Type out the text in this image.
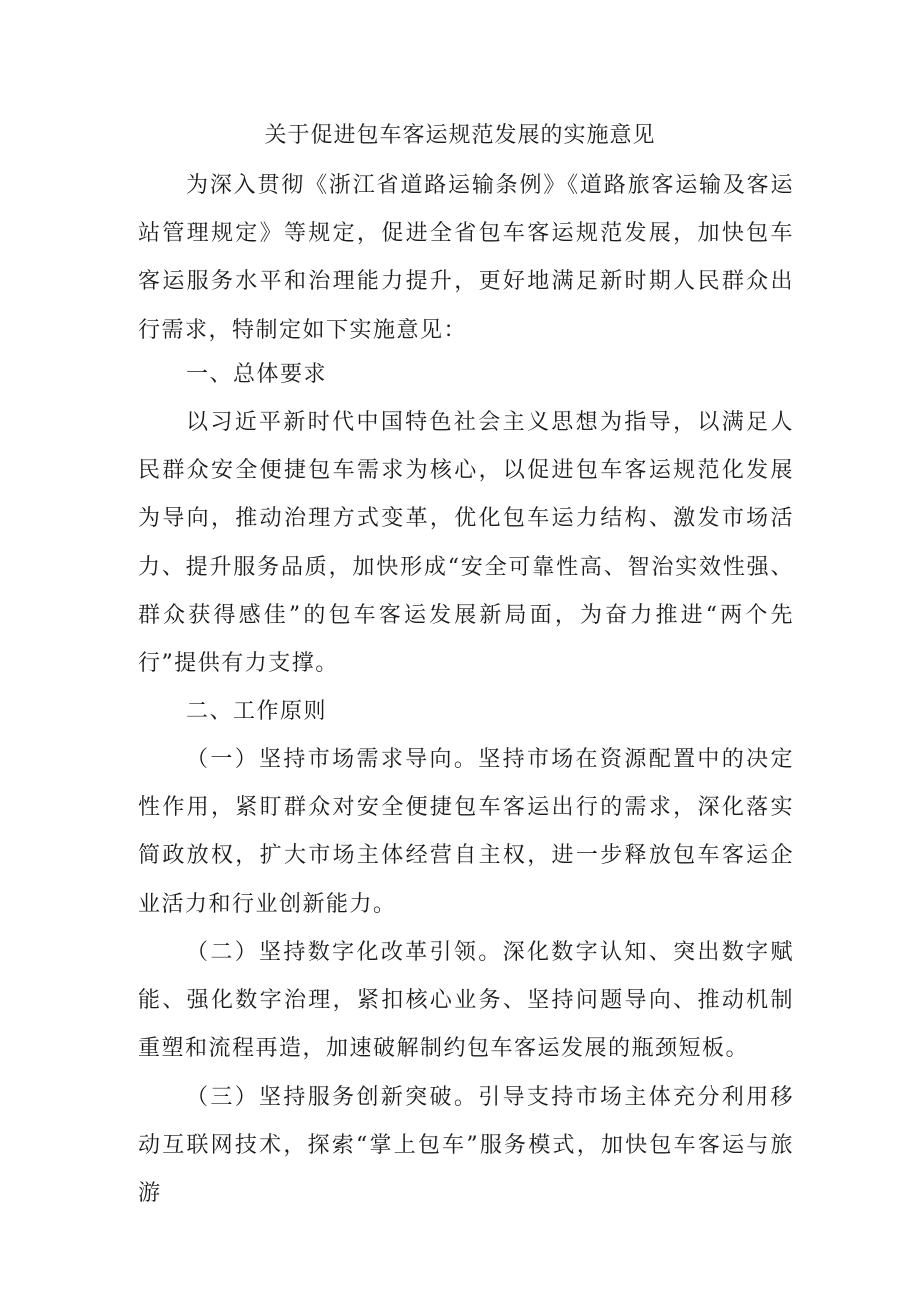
关于促进包车客运规范发展的实施意见
为深入贯彻《浙江省道路运输条例》《道路旅客运输及客运站管理规定》等规定，促进全省包车客运规范发展，加快包车客运服务水平和治理能力提升，更好地满足新时期人民群众出行需求，特制定如下实施意见：
一、总体要求
以习近平新时代中国特色社会主义思想为指导，以满足人民群众安全便捷包车需求为核心，以促进包车客运规范化发展为导向，推动治理方式变革，优化包车运力结构、激发市场活力、提升服务品质，加快形成“安全可靠性高、智治实效性强、群众获得感佳”的包车客运发展新局面，为奋力推进“两个先行”提供有力支撑。
二、工作原则
（一）坚持市场需求导向。坚持市场在资源配置中的决定性作用，紧盯群众对安全便捷包车客运出行的需求，深化落实简政放权，扩大市场主体经营自主权，进一步释放包车客运企业活力和行业创新能力。
（二）坚持数字化改革引领。深化数字认知、突出数字赋能、强化数字治理，紧扣核心业务、坚持问题导向、推动机制重塑和流程再造，加速破解制约包车客运发展的瓶颈短板。
（三）坚持服务创新突破。引导支持市场主体充分利用移动互联网技术，探索“掌上包车”服务模式，加快包车客运与旅游
